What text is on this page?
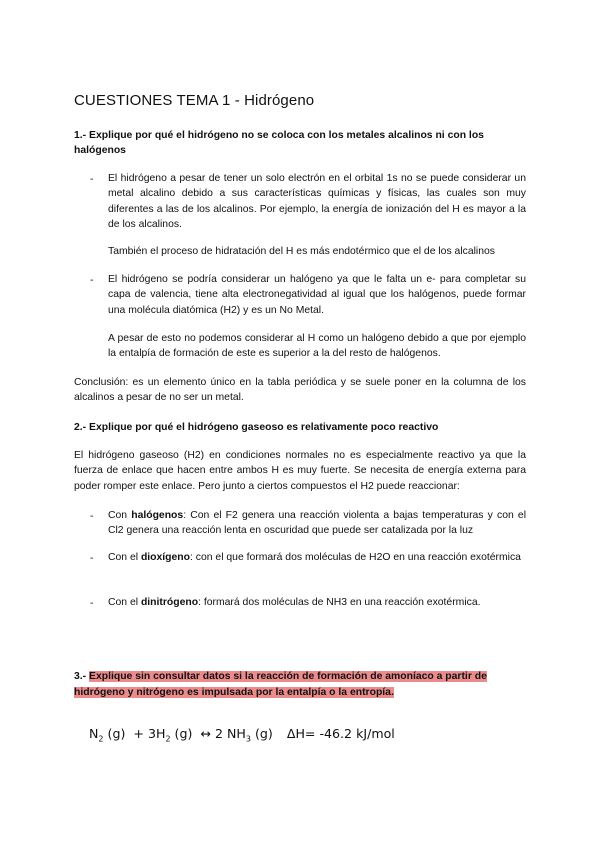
CUESTIONES TEMA 1 - Hidrógeno
1.- Explique por qué el hidrógeno no se coloca con los metales alcalinos ni con los halógenos
- El hidrógeno a pesar de tener un solo electrón en el orbital 1s no se puede considerar un metal alcalino debido a sus características químicas y físicas, las cuales son muy diferentes a las de los alcalinos. Por ejemplo, la energía de ionización del H es mayor a la de los alcalinos.
También el proceso de hidratación del H es más endotérmico que el de los alcalinos
- El hidrógeno se podría considerar un halógeno ya que le falta un e- para completar su capa de valencia, tiene alta electronegatividad al igual que los halógenos, puede formar una molécula diatómica (H2) y es un No Metal.
A pesar de esto no podemos considerar al H como un halógeno debido a que por ejemplo la entalpía de formación de este es superior a la del resto de halógenos.
Conclusión: es un elemento único en la tabla periódica y se suele poner en la columna de los alcalinos a pesar de no ser un metal.
2.- Explique por qué el hidrógeno gaseoso es relativamente poco reactivo
El hidrógeno gaseoso (H2) en condiciones normales no es especialmente reactivo ya que la fuerza de enlace que hacen entre ambos H es muy fuerte. Se necesita de energía externa para poder romper este enlace. Pero junto a ciertos compuestos el H2 puede reaccionar:
- Con halógenos: Con el F2 genera una reacción violenta a bajas temperaturas y con el Cl2 genera una reacción lenta en oscuridad que puede ser catalizada por la luz
- Con el dioxígeno: con el que formará dos moléculas de H2O en una reacción exotérmica
- Con el dinitrógeno: formará dos moléculas de NH3 en una reacción exotérmica.
3.- Explique sin consultar datos si la reacción de formación de amoníaco a partir de hidrógeno y nitrógeno es impulsada por la entalpía o la entropía.
$N_2$ $(g) + 3H_2$ (g) ↔ 2 $NH_3$ (g) ΔH= -46.2 kJ/mol
